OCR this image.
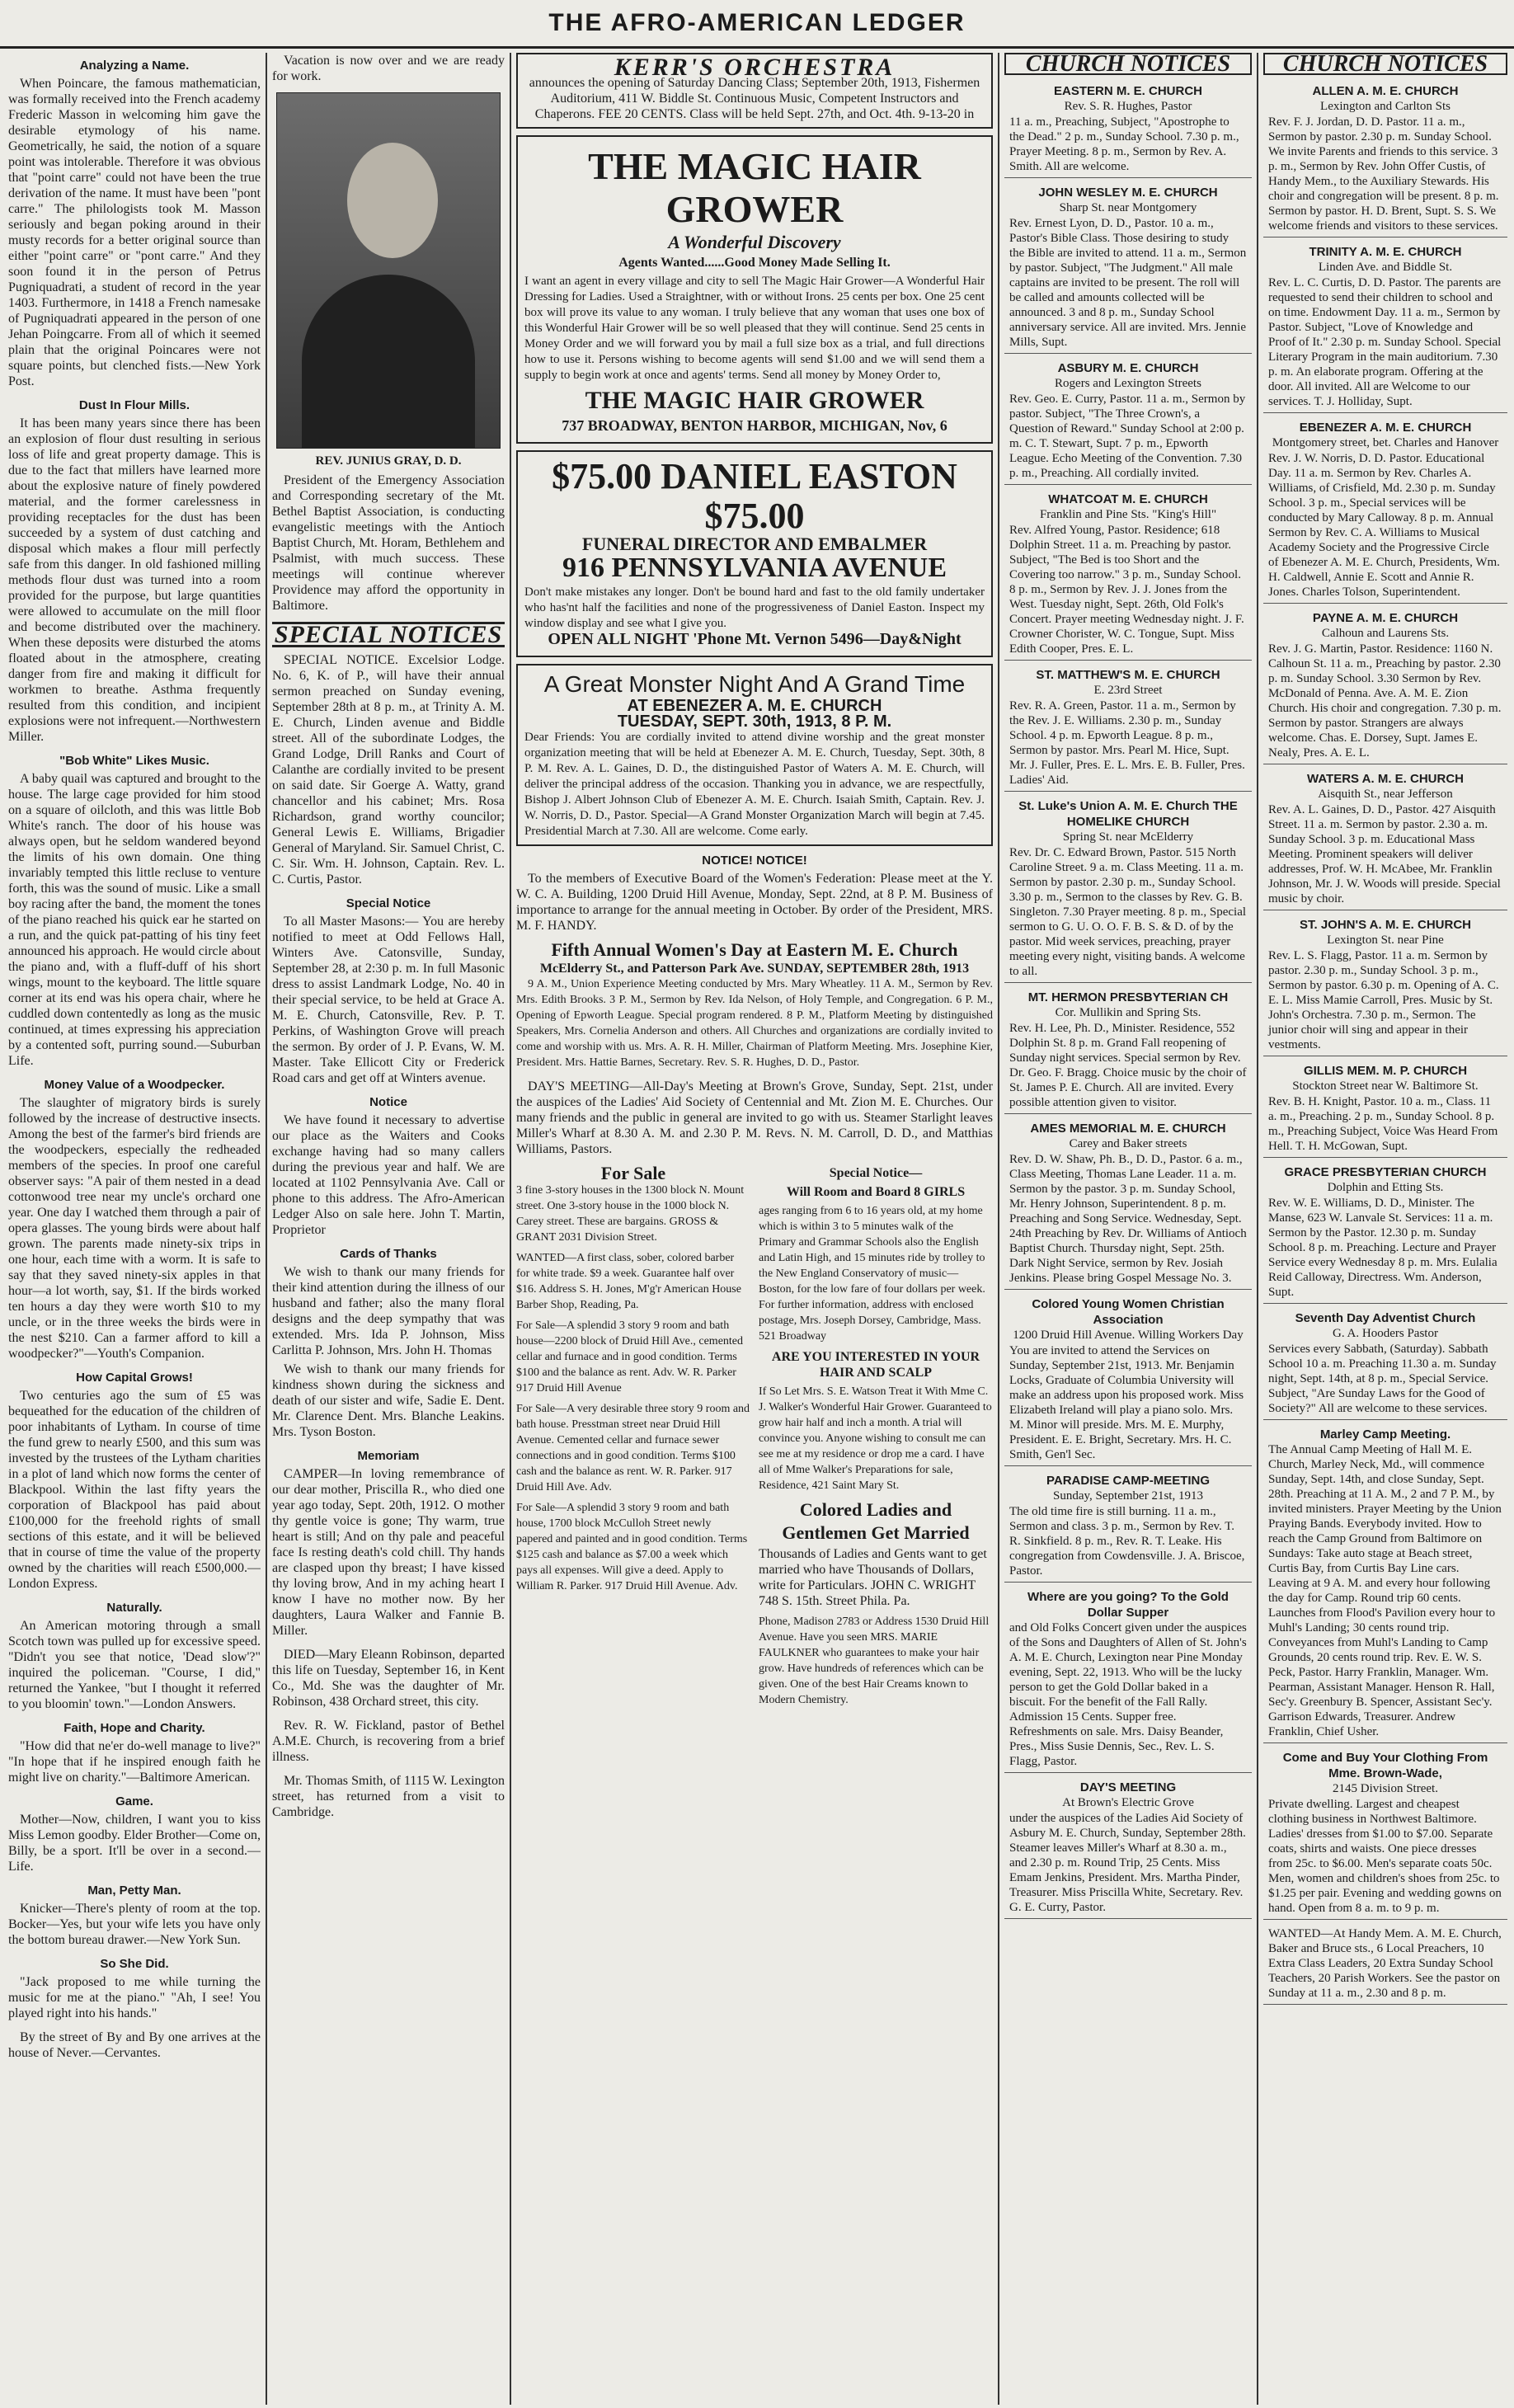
THE AFRO-AMERICAN LEDGER
Analyzing a Name.

When Poincare, the famous mathematician, was formally received into the French academy Frederic Masson in welcoming him gave the desirable etymology of his name. Geometrically, he said, the notion of a square point was intolerable. Therefore it was obvious that "point carre" could not have been the true derivation of the name. It must have been "pont carre." The philologists took M. Masson seriously and began poking around in their musty records for a better original source than either "point carre" or "pont carre." And they soon found it in the person of Petrus Pugniquadrati, a student of record in the year 1403. Furthermore, in 1418 a French namesake of Pugniquadrati appeared in the person of one Jehan Poingcarre. From all of which it seemed plain that the original Poincares were not square points, but clenched fists.—New York Post.

Dust In Flour Mills.

It has been many years since there has been an explosion of flour dust resulting in serious loss of life and great property damage. This is due to the fact that millers have learned more about the explosive nature of finely powdered material, and the former carelessness in providing receptacles for the dust has been succeeded by a system of dust catching and disposal which makes a flour mill perfectly safe from this danger. In old fashioned milling methods flour dust was turned into a room provided for the purpose, but large quantities were allowed to accumulate on the mill floor and become distributed over the machinery. When these deposits were disturbed the atoms floated about in the atmosphere, creating danger from fire and making it difficult for workmen to breathe. Asthma frequently resulted from this condition, and incipient explosions were not infrequent.—Northwestern Miller.

"Bob White" Likes Music.

A baby quail was captured and brought to the house. The large cage provided for him stood on a square of oilcloth, and this was little Bob White's ranch. The door of his house was always open, but he seldom wandered beyond the limits of his own domain. One thing invariably tempted this little recluse to venture forth, this was the sound of music. Like a small boy racing after the band, the moment the tones of the piano reached his quick ear he started on a run, and the quick pat-patting of his tiny feet announced his approach. He would circle about the piano and, with a fluff-duff of his short wings, mount to the keyboard. The little square corner at its end was his opera chair, where he cuddled down contentedly as long as the music continued, at times expressing his appreciation by a contented soft, purring sound.—Suburban Life.

Money Value of a Woodpecker.

The slaughter of migratory birds is surely followed by the increase of destructive insects. Among the best of the farmer's bird friends are the woodpeckers, especially the redheaded members of the species. In proof one careful observer says: "A pair of them nested in a dead cottonwood tree near my uncle's orchard one year. One day I watched them through a pair of opera glasses. The young birds were about half grown. The parents made ninety-six trips in one hour, each time with a worm. It is safe to say that they saved ninety-six apples in that hour—a lot worth, say, $1. If the birds worked ten hours a day they were worth $10 to my uncle, or in the three weeks the birds were in the nest $210. Can a farmer afford to kill a woodpecker?"—Youth's Companion.

How Capital Grows!

Two centuries ago the sum of £5 was bequeathed for the education of the children of poor inhabitants of Lytham. In course of time the fund grew to nearly £500, and this sum was invested by the trustees of the Lytham charities in a plot of land which now forms the center of Blackpool. Within the last fifty years the corporation of Blackpool has paid about £100,000 for the freehold rights of small sections of this estate, and it will be believed that in course of time the value of the property owned by the charities will reach £500,000.—London Express.

Naturally.

An American motoring through a small Scotch town was pulled up for excessive speed. "Didn't you see that notice, 'Dead slow'?" inquired the policeman. "Course, I did," returned the Yankee, "but I thought it referred to you bloomin' town."—London Answers.

Faith, Hope and Charity.

"How did that ne'er do-well manage to live?" "In hope that if he inspired enough faith he might live on charity."—Baltimore American.

Game.

Mother—Now, children, I want you to kiss Miss Lemon goodby. Elder Brother—Come on, Billy, be a sport. It'll be over in a second.—Life.

Man, Petty Man.

Knicker—There's plenty of room at the top. Bocker—Yes, but your wife lets you have only the bottom bureau drawer.—New York Sun.

So She Did.

"Jack proposed to me while turning the music for me at the piano." "Ah, I see! You played right into his hands."

By the street of By and By one arrives at the house of Never.—Cervantes.

Vacation is now over and we are ready for work.

REV. JUNIUS GRAY, D. D.

President of the Emergency Association and Corresponding secretary of the Mt. Bethel Baptist Association, is conducting evangelistic meetings with the Antioch Baptist Church, Mt. Horam, Bethlehem and Psalmist, with much success. These meetings will continue wherever Providence may afford the opportunity in Baltimore.

SPECIAL NOTICES

SPECIAL NOTICE. Excelsior Lodge. No. 6, K. of P., will have their annual sermon preached on Sunday evening, September 28th at 8 p. m., at Trinity A. M. E. Church, Linden avenue and Biddle street. All of the subordinate Lodges, the Grand Lodge, Drill Ranks and Court of Calanthe are cordially invited to be present on said date. Sir Goerge A. Watty, grand chancellor and his cabinet; Mrs. Rosa Richardson, grand worthy councilor; General Lewis E. Williams, Brigadier General of Maryland. Sir. Samuel Christ, C. C. Sir. Wm. H. Johnson, Captain. Rev. L. C. Curtis, Pastor.

Special Notice

To all Master Masons:— You are hereby notified to meet at Odd Fellows Hall, Winters Ave. Catonsville, Sunday, September 28, at 2:30 p. m. In full Masonic dress to assist Landmark Lodge, No. 40 in their special service, to be held at Grace A. M. E. Church, Catonsville, Rev. P. T. Perkins, of Washington Grove will preach the sermon. By order of J. P. Evans, W. M. Master. Take Ellicott City or Frederick Road cars and get off at Winters avenue.

Notice

We have found it necessary to advertise our place as the Waiters and Cooks exchange having had so many callers during the previous year and half. We are located at 1102 Pennsylvania Ave. Call or phone to this address. The Afro-American Ledger Also on sale here. John T. Martin, Proprietor

Cards of Thanks

We wish to thank our many friends for their kind attention during the illness of our husband and father; also the many floral designs and the deep sympathy that was extended. Mrs. Ida P. Johnson, Miss Carlitta P. Johnson, Mrs. John H. Thomas

We wish to thank our many friends for kindness shown during the sickness and death of our sister and wife, Sadie E. Dent. Mr. Clarence Dent. Mrs. Blanche Leakins. Mrs. Tyson Boston.

Memoriam

CAMPER—In loving remembrance of our dear mother, Priscilla R., who died one year ago today, Sept. 20th, 1912. O mother thy gentle voice is gone; Thy warm, true heart is still; And on thy pale and peaceful face Is resting death's cold chill. Thy hands are clasped upon thy breast; I have kissed thy loving brow, And in my aching heart I know I have no mother now. By her daughters, Laura Walker and Fannie B. Miller.

DIED—Mary Eleann Robinson, departed this life on Tuesday, September 16, in Kent Co., Md. She was the daughter of Mr. Robinson, 438 Orchard street, this city.

Rev. R. W. Fickland, pastor of Bethel A.M.E. Church, is recovering from a brief illness.

Mr. Thomas Smith, of 1115 W. Lexington street, has returned from a visit to Cambridge.

KERR'S ORCHESTRA
announces the opening of Saturday Dancing Class; September 20th, 1913, Fishermen Auditorium, 411 W. Biddle St. Continuous Music, Competent Instructors and Chaperons. FEE 20 CENTS. Class will be held Sept. 27th, and Oct. 4th. 9-13-20 in
THE MAGIC HAIR GROWER
A Wonderful Discovery
Agents Wanted......Good Money Made Selling It.
I want an agent in every village and city to sell The Magic Hair Grower—A Wonderful Hair Dressing for Ladies. Used a Straightner, with or without Irons. 25 cents per box. One 25 cent box will prove its value to any woman. I truly believe that any woman that uses one box of this Wonderful Hair Grower will be so well pleased that they will continue. Send 25 cents in Money Order and we will forward you by mail a full size box as a trial, and full directions how to use it. Persons wishing to become agents will send $1.00 and we will send them a supply to begin work at once and agents' terms. Send all money by Money Order to,
THE MAGIC HAIR GROWER
737 BROADWAY, BENTON HARBOR, MICHIGAN, Nov, 6
$75.00 DANIEL EASTON $75.00
FUNERAL DIRECTOR AND EMBALMER
916 PENNSYLVANIA AVENUE
Don't make mistakes any longer. Don't be bound hard and fast to the old family undertaker who has'nt half the facilities and none of the progressiveness of Daniel Easton. Inspect my window display and see what I give you.
OPEN ALL NIGHT 'Phone Mt. Vernon 5496—Day&Night
A Great Monster Night And A Grand Time
AT EBENEZER A. M. E. CHURCH
TUESDAY, SEPT. 30th, 1913, 8 P. M.
Dear Friends: You are cordially invited to attend divine worship and the great monster organization meeting that will be held at Ebenezer A. M. E. Church, Tuesday, Sept. 30th, 8 P. M. Rev. A. L. Gaines, D. D., the distinguished Pastor of Waters A. M. E. Church, will deliver the principal address of the occasion. Thanking you in advance, we are respectfully, Bishop J. Albert Johnson Club of Ebenezer A. M. E. Church. Isaiah Smith, Captain. Rev. J. W. Norris, D. D., Pastor. Special—A Grand Monster Organization March will begin at 7.45. Presidential March at 7.30. All are welcome. Come early.
NOTICE! NOTICE!

To the members of Executive Board of the Women's Federation: Please meet at the Y. W. C. A. Building, 1200 Druid Hill Avenue, Monday, Sept. 22nd, at 8 P. M. Business of importance to arrange for the annual meeting in October. By order of the President, MRS. M. F. HANDY.

Fifth Annual Women's Day at Eastern M. E. Church
McElderry St., and Patterson Park Ave. SUNDAY, SEPTEMBER 28th, 1913

9 A. M., Union Experience Meeting conducted by Mrs. Mary Wheatley. 11 A. M., Sermon by Rev. Mrs. Edith Brooks. 3 P. M., Sermon by Rev. Ida Nelson, of Holy Temple, and Congregation. 6 P. M., Opening of Epworth League. Special program rendered. 8 P. M., Platform Meeting by distinguished Speakers, Mrs. Cornelia Anderson and others. All Churches and organizations are cordially invited to come and worship with us. Mrs. A. R. H. Miller, Chairman of Platform Meeting. Mrs. Josephine Kier, President. Mrs. Hattie Barnes, Secretary. Rev. S. R. Hughes, D. D., Pastor.

DAY'S MEETING—All-Day's Meeting at Brown's Grove, Sunday, Sept. 21st, under the auspices of the Ladies' Aid Society of Centennial and Mt. Zion M. E. Churches. Our many friends and the public in general are invited to go with us. Steamer Starlight leaves Miller's Wharf at 8.30 A. M. and 2.30 P. M. Revs. N. M. Carroll, D. D., and Matthias Williams, Pastors.

For Sale

3 fine 3-story houses in the 1300 block N. Mount street. One 3-story house in the 1000 block N. Carey street. These are bargains. GROSS & GRANT 2031 Division Street.

WANTED—A first class, sober, colored barber for white trade. $9 a week. Guarantee half over $16. Address S. H. Jones, M'g'r American House Barber Shop, Reading, Pa.

For Sale—A splendid 3 story 9 room and bath house—2200 block of Druid Hill Ave., cemented cellar and furnace and in good condition. Terms $100 and the balance as rent. Adv. W. R. Parker 917 Druid Hill Avenue

For Sale—A very desirable three story 9 room and bath house. Presstman street near Druid Hill Avenue. Cemented cellar and furnace sewer connections and in good condition. Terms $100 cash and the balance as rent. W. R. Parker. 917 Druid Hill Ave. Adv.

For Sale—A splendid 3 story 9 room and bath house, 1700 block McCulloh Street newly papered and painted and in good condition. Terms $125 cash and balance as $7.00 a week which pays all expenses. Will give a deed. Apply to William R. Parker. 917 Druid Hill Avenue. Adv.

Special Notice—
Will Room and Board 8 GIRLS

ages ranging from 6 to 16 years old, at my home which is within 3 to 5 minutes walk of the Primary and Grammar Schools also the English and Latin High, and 15 minutes ride by trolley to the New England Conservatory of music—Boston, for the low fare of four dollars per week. For further information, address with enclosed postage, Mrs. Joseph Dorsey, Cambridge, Mass. 521 Broadway

ARE YOU INTERESTED IN YOUR HAIR AND SCALP

If So Let Mrs. S. E. Watson Treat it With Mme C. J. Walker's Wonderful Hair Grower. Guaranteed to grow hair half and inch a month. A trial will convince you. Anyone wishing to consult me can see me at my residence or drop me a card. I have all of Mme Walker's Preparations for sale, Residence, 421 Saint Mary St.

Colored Ladies and Gentlemen Get Married

Thousands of Ladies and Gents want to get married who have Thousands of Dollars, write for Particulars. JOHN C. WRIGHT 748 S. 15th. Street Phila. Pa.

Phone, Madison 2783 or Address 1530 Druid Hill Avenue. Have you seen MRS. MARIE FAULKNER who guarantees to make your hair grow. Have hundreds of references which can be given. One of the best Hair Creams known to Modern Chemistry.

CHURCH NOTICES
EASTERN M. E. CHURCH
Rev. S. R. Hughes, Pastor
11 a. m., Preaching, Subject, "Apostrophe to the Dead." 2 p. m., Sunday School. 7.30 p. m., Prayer Meeting. 8 p. m., Sermon by Rev. A. Smith. All are welcome.
JOHN WESLEY M. E. CHURCH
Sharp St. near Montgomery
Rev. Ernest Lyon, D. D., Pastor. 10 a. m., Pastor's Bible Class. Those desiring to study the Bible are invited to attend. 11 a. m., Sermon by pastor. Subject, "The Judgment." All male captains are invited to be present. The roll will be called and amounts collected will be announced. 3 and 8 p. m., Sunday School anniversary service. All are invited. Mrs. Jennie Mills, Supt.
ASBURY M. E. CHURCH
Rogers and Lexington Streets
Rev. Geo. E. Curry, Pastor. 11 a. m., Sermon by pastor. Subject, "The Three Crown's, a Question of Reward." Sunday School at 2:00 p. m. C. T. Stewart, Supt. 7 p. m., Epworth League. Echo Meeting of the Convention. 7.30 p. m., Preaching. All cordially invited.
WHATCOAT M. E. CHURCH
Franklin and Pine Sts. "King's Hill"
Rev. Alfred Young, Pastor. Residence; 618 Dolphin Street. 11 a. m. Preaching by pastor. Subject, "The Bed is too Short and the Covering too narrow." 3 p. m., Sunday School. 8 p. m., Sermon by Rev. J. J. Jones from the West. Tuesday night, Sept. 26th, Old Folk's Concert. Prayer meeting Wednesday night. J. F. Crowner Chorister, W. C. Tongue, Supt. Miss Edith Cooper, Pres. E. L.
ST. MATTHEW'S M. E. CHURCH
E. 23rd Street
Rev. R. A. Green, Pastor. 11 a. m., Sermon by the Rev. J. E. Williams. 2.30 p. m., Sunday School. 4 p. m. Epworth League. 8 p. m., Sermon by pastor. Mrs. Pearl M. Hice, Supt. Mr. J. Fuller, Pres. E. L. Mrs. E. B. Fuller, Pres. Ladies' Aid.
St. Luke's Union A. M. E. Church THE HOMELIKE CHURCH
Spring St. near McElderry
Rev. Dr. C. Edward Brown, Pastor. 515 North Caroline Street. 9 a. m. Class Meeting. 11 a. m. Sermon by pastor. 2.30 p. m., Sunday School. 3.30 p. m., Sermon to the classes by Rev. G. B. Singleton. 7.30 Prayer meeting. 8 p. m., Special sermon to G. U. O. O. F. B. S. & D. of by the pastor. Mid week services, preaching, prayer meeting every night, visiting bands. A welcome to all.
MT. HERMON PRESBYTERIAN CH
Cor. Mullikin and Spring Sts.
Rev. H. Lee, Ph. D., Minister. Residence, 552 Dolphin St. 8 p. m. Grand Fall reopening of Sunday night services. Special sermon by Rev. Dr. Geo. F. Bragg. Choice music by the choir of St. James P. E. Church. All are invited. Every possible attention given to visitor.
AMES MEMORIAL M. E. CHURCH
Carey and Baker streets
Rev. D. W. Shaw, Ph. B., D. D., Pastor. 6 a. m., Class Meeting, Thomas Lane Leader. 11 a. m. Sermon by the pastor. 3 p. m. Sunday School, Mr. Henry Johnson, Superintendent. 8 p. m. Preaching and Song Service. Wednesday, Sept. 24th Preaching by Rev. Dr. Williams of Antioch Baptist Church. Thursday night, Sept. 25th. Dark Night Service, sermon by Rev. Josiah Jenkins. Please bring Gospel Message No. 3.
Colored Young Women Christian Association
1200 Druid Hill Avenue. Willing Workers Day
You are invited to attend the Services on Sunday, September 21st, 1913. Mr. Benjamin Locks, Graduate of Columbia University will make an address upon his proposed work. Miss Elizabeth Ireland will play a piano solo. Mrs. M. Minor will preside. Mrs. M. E. Murphy, President. E. E. Bright, Secretary. Mrs. H. C. Smith, Gen'l Sec.
PARADISE CAMP-MEETING
Sunday, September 21st, 1913
The old time fire is still burning. 11 a. m., Sermon and class. 3 p. m., Sermon by Rev. T. R. Sinkfield. 8 p. m., Rev. R. T. Leake. His congregation from Cowdensville. J. A. Briscoe, Pastor.
Where are you going? To the Gold Dollar Supper
and Old Folks Concert given under the auspices of the Sons and Daughters of Allen of St. John's A. M. E. Church, Lexington near Pine Monday evening, Sept. 22, 1913. Who will be the lucky person to get the Gold Dollar baked in a biscuit. For the benefit of the Fall Rally. Admission 15 Cents. Supper free. Refreshments on sale. Mrs. Daisy Beander, Pres., Miss Susie Dennis, Sec., Rev. L. S. Flagg, Pastor.
DAY'S MEETING
At Brown's Electric Grove
under the auspices of the Ladies Aid Society of Asbury M. E. Church, Sunday, September 28th. Steamer leaves Miller's Wharf at 8.30 a. m., and 2.30 p. m. Round Trip, 25 Cents. Miss Emam Jenkins, President. Mrs. Martha Pinder, Treasurer. Miss Priscilla White, Secretary. Rev. G. E. Curry, Pastor.
CHURCH NOTICES
ALLEN A. M. E. CHURCH
Lexington and Carlton Sts
Rev. F. J. Jordan, D. D. Pastor. 11 a. m., Sermon by pastor. 2.30 p. m. Sunday School. We invite Parents and friends to this service. 3 p. m., Sermon by Rev. John Offer Custis, of Handy Mem., to the Auxiliary Stewards. His choir and congregation will be present. 8 p. m. Sermon by pastor. H. D. Brent, Supt. S. S. We welcome friends and visitors to these services.
TRINITY A. M. E. CHURCH
Linden Ave. and Biddle St.
Rev. L. C. Curtis, D. D. Pastor. The parents are requested to send their children to school and on time. Endowment Day. 11 a. m., Sermon by Pastor. Subject, "Love of Knowledge and Proof of It." 2.30 p. m. Sunday School. Special Literary Program in the main auditorium. 7.30 p. m. An elaborate program. Offering at the door. All invited. All are Welcome to our services. T. J. Holliday, Supt.
EBENEZER A. M. E. CHURCH
Montgomery street, bet. Charles and Hanover
Rev. J. W. Norris, D. D. Pastor. Educational Day. 11 a. m. Sermon by Rev. Charles A. Williams, of Crisfield, Md. 2.30 p. m. Sunday School. 3 p. m., Special services will be conducted by Mary Calloway. 8 p. m. Annual Sermon by Rev. C. A. Williams to Musical Academy Society and the Progressive Circle of Ebenezer A. M. E. Church, Presidents, Wm. H. Caldwell, Annie E. Scott and Annie R. Jones. Charles Tolson, Superintendent.
PAYNE A. M. E. CHURCH
Calhoun and Laurens Sts.
Rev. J. G. Martin, Pastor. Residence: 1160 N. Calhoun St. 11 a. m., Preaching by pastor. 2.30 p. m. Sunday School. 3.30 Sermon by Rev. McDonald of Penna. Ave. A. M. E. Zion Church. His choir and congregation. 7.30 p. m. Sermon by pastor. Strangers are always welcome. Chas. E. Dorsey, Supt. James E. Nealy, Pres. A. E. L.
WATERS A. M. E. CHURCH
Aisquith St., near Jefferson
Rev. A. L. Gaines, D. D., Pastor. 427 Aisquith Street. 11 a. m. Sermon by pastor. 2.30 a. m. Sunday School. 3 p. m. Educational Mass Meeting. Prominent speakers will deliver addresses, Prof. W. H. McAbee, Mr. Franklin Johnson, Mr. J. W. Woods will preside. Special music by choir.
ST. JOHN'S A. M. E. CHURCH
Lexington St. near Pine
Rev. L. S. Flagg, Pastor. 11 a. m. Sermon by pastor. 2.30 p. m., Sunday School. 3 p. m., Sermon by pastor. 6.30 p. m. Opening of A. C. E. L. Miss Mamie Carroll, Pres. Music by St. John's Orchestra. 7.30 p. m., Sermon. The junior choir will sing and appear in their vestments.
GILLIS MEM. M. P. CHURCH
Stockton Street near W. Baltimore St.
Rev. B. H. Knight, Pastor. 10 a. m., Class. 11 a. m., Preaching. 2 p. m., Sunday School. 8 p. m., Preaching Subject, Voice Was Heard From Hell. T. H. McGowan, Supt.
GRACE PRESBYTERIAN CHURCH
Dolphin and Etting Sts.
Rev. W. E. Williams, D. D., Minister. The Manse, 623 W. Lanvale St. Services: 11 a. m. Sermon by the Pastor. 12.30 p. m. Sunday School. 8 p. m. Preaching. Lecture and Prayer Service every Wednesday 8 p. m. Mrs. Eulalia Reid Calloway, Directress. Wm. Anderson, Supt.
Seventh Day Adventist Church
G. A. Hooders Pastor
Services every Sabbath, (Saturday). Sabbath School 10 a. m. Preaching 11.30 a. m. Sunday night, Sept. 14th, at 8 p. m., Special Service. Subject, "Are Sunday Laws for the Good of Society?" All are welcome to these services.
Marley Camp Meeting.
The Annual Camp Meeting of Hall M. E. Church, Marley Neck, Md., will commence Sunday, Sept. 14th, and close Sunday, Sept. 28th. Preaching at 11 A. M., 2 and 7 P. M., by invited ministers. Prayer Meeting by the Union Praying Bands. Everybody invited. How to reach the Camp Ground from Baltimore on Sundays: Take auto stage at Beach street, Curtis Bay, from Curtis Bay Line cars. Leaving at 9 A. M. and every hour following the day for Camp. Round trip 60 cents. Launches from Flood's Pavilion every hour to Muhl's Landing; 30 cents round trip. Conveyances from Muhl's Landing to Camp Grounds, 20 cents round trip. Rev. E. W. S. Peck, Pastor. Harry Franklin, Manager. Wm. Pearman, Assistant Manager. Henson R. Hall, Sec'y. Greenbury B. Spencer, Assistant Sec'y. Garrison Edwards, Treasurer. Andrew Franklin, Chief Usher.
Come and Buy Your Clothing From Mme. Brown-Wade,
2145 Division Street.
Private dwelling. Largest and cheapest clothing business in Northwest Baltimore. Ladies' dresses from $1.00 to $7.00. Separate coats, shirts and waists. One piece dresses from 25c. to $6.00. Men's separate coats 50c. Men, women and children's shoes from 25c. to $1.25 per pair. Evening and wedding gowns on hand. Open from 8 a. m. to 9 p. m.
WANTED—At Handy Mem. A. M. E. Church, Baker and Bruce sts., 6 Local Preachers, 10 Extra Class Leaders, 20 Extra Sunday School Teachers, 20 Parish Workers. See the pastor on Sunday at 11 a. m., 2.30 and 8 p. m.
